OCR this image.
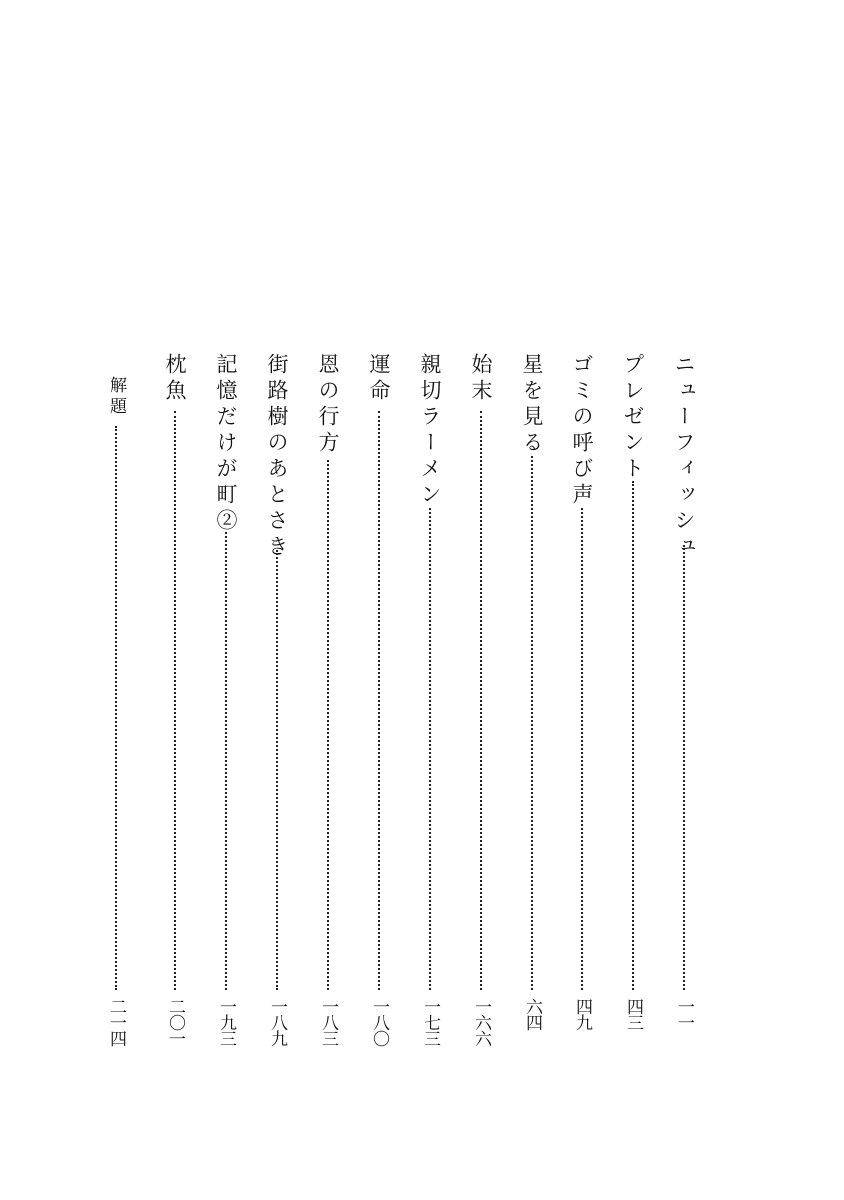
ニューフィッシュ
一一
プレゼント
四三
ゴミの呼び声
四九
星を見る
六四
始末
一六六
親切ラーメン
一七三
運命
一八〇
恩の行方
一八三
街路樹のあとさき
一八九
記憶だけが町②
一九三
枕魚
二〇一
解題
二一四
